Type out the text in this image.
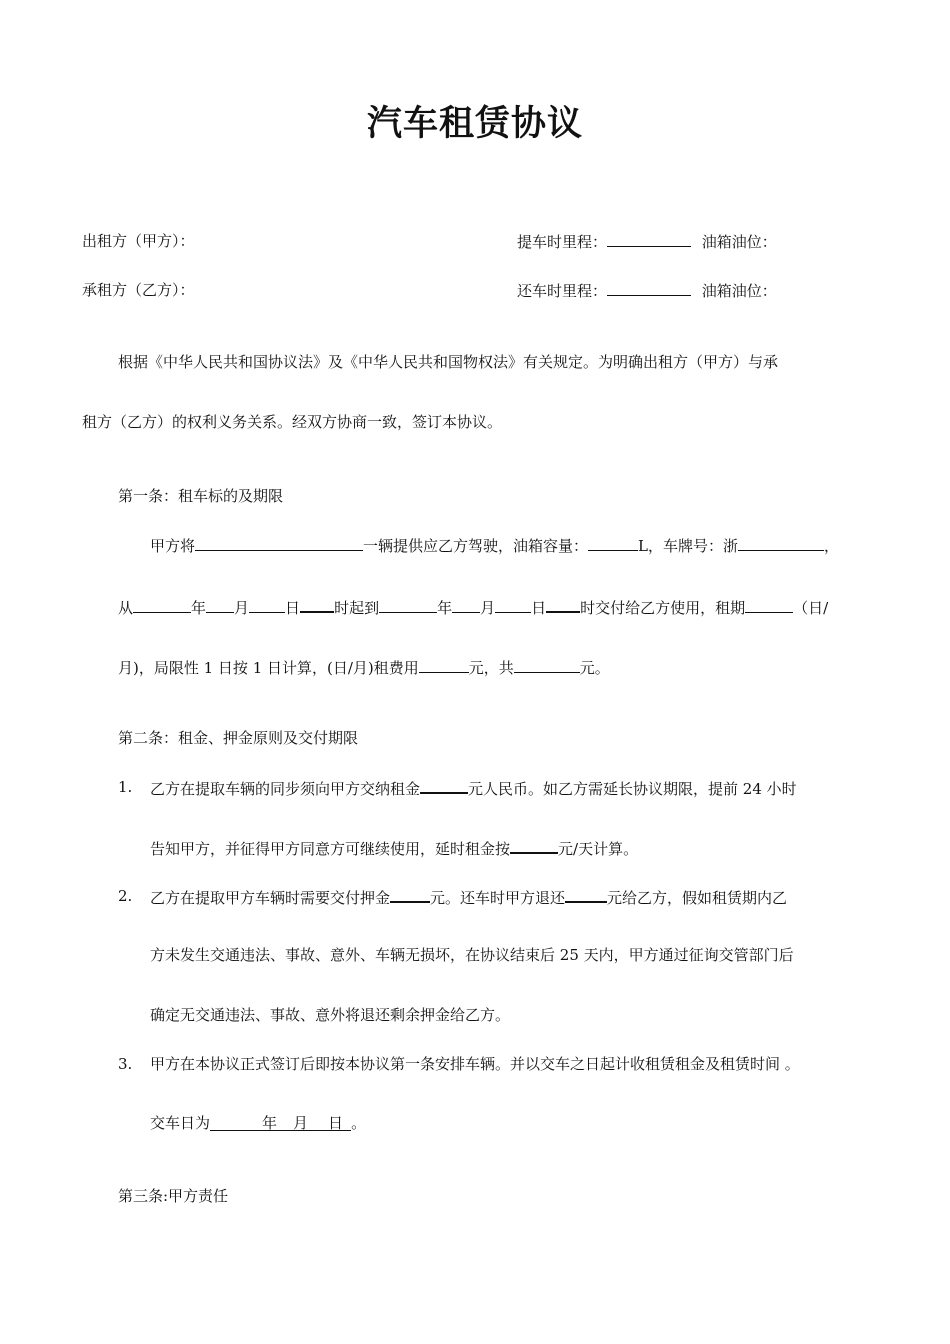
汽车租赁协议
出租方（甲方）：
承租方（乙方）：
提车时里程：	油箱油位：
还车时里程：	油箱油位：
根据《中华人民共和国协议法》及《中华人民共和国物权法》有关规定。为明确出租方（甲方）与承
租方（乙方）的权利义务关系。经双方协商一致，签订本协议。
第一条：租车标的及期限
甲方将	一辆提供应乙方驾驶，油箱容量：	L，车牌号：浙	，
从	年 月 日 时起到	年 月 日 时交付给乙方使用，租期	（日/
月)，局限性 1 日按 1 日计算，(日/月)租费用	元，共	元。
第二条：租金、押金原则及交付期限
1. 乙方在提取车辆的同步须向甲方交纳租金	元人民币。如乙方需延长协议期限，提前 24 小时
告知甲方，并征得甲方同意方可继续使用，延时租金按	元/天计算。
2. 乙方在提取甲方车辆时需要交付押金	元。还车时甲方退还	元给乙方，假如租赁期内乙
方未发生交通违法、事故、意外、车辆无损坏，在协议结束后 25 天内，甲方通过征询交管部门后
确定无交通违法、事故、意外将退还剩余押金给乙方。
3. 甲方在本协议正式签订后即按本协议第一条安排车辆。并以交车之日起计收租赁租金及租赁时间 。
交车日为	年 月 日 。
第三条:甲方责任
